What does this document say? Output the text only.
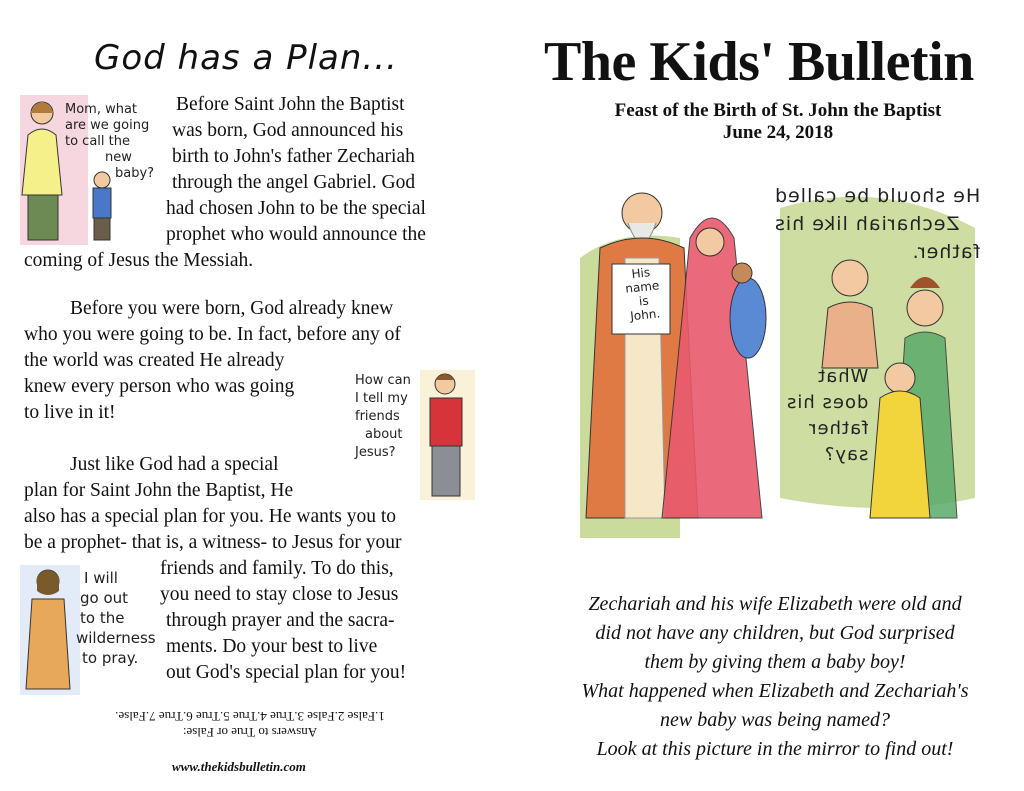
God has a Plan...
Mom, what
are we going
to call the
new
baby?

Before Saint John the Baptist

was born, God announced his

birth to John's father Zechariah

through the angel Gabriel. God

had chosen John to be the special

prophet who would announce the

coming of Jesus the Messiah.

Before you were born, God already knew

who you were going to be. In fact, before any of

the world was created He already

knew every person who was going

to live in it!

How can
I tell my
friends
about
Jesus?

Just like God had a special

plan for Saint John the Baptist, He

also has a special plan for you. He wants you to

be a prophet- that is, a witness- to Jesus for your

friends and family. To do this,

you need to stay close to Jesus

through prayer and the sacra-

ments. Do your best to live

out God's special plan for you!

I will
go out
to the
wilderness
to pray.
Answers to True or False:
1.False 2.False 3.True 4.True 5.True 6.True 7.False.
www.thekidsbulletin.com
The Kids' Bulletin
Feast of the Birth of St. John the Baptist
June 24, 2018
His
name
is
John.
He should be called
Zechariah like his
father.
What
does his
father
say?
Zechariah and his wife Elizabeth were old and
did not have any children, but God surprised
them by giving them a baby boy!
What happened when Elizabeth and Zechariah's
new baby was being named?
Look at this picture in the mirror to find out!
